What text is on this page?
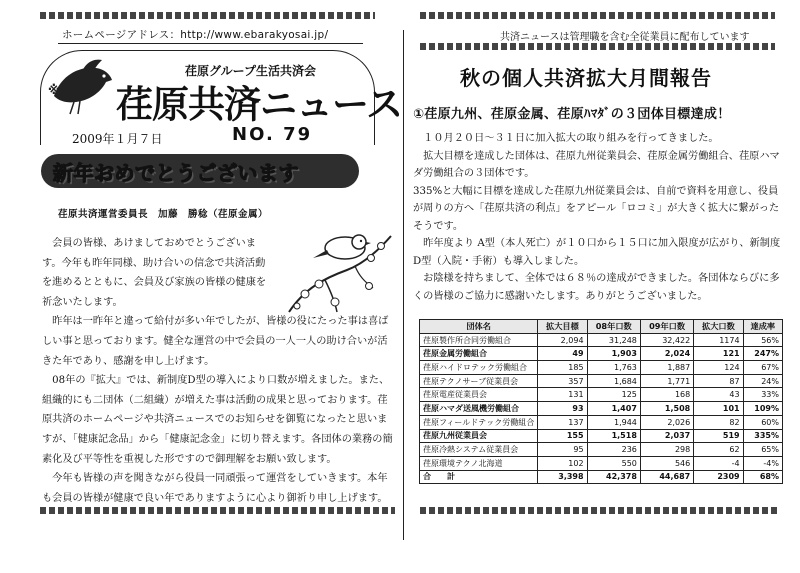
ホームページアドレス：http://www.ebarakyosai.jp/
※
荏原グループ生活共済会
荏原共済ニュース
2009年１月７日	NO. 79
新年おめでとうございます
荏原共済運営委員長　加藤　勝稔（荏原金属）

　会員の皆様、あけましておめでとうございます。今年も昨年同様、助け合いの信念で共済活動を進めるとともに、会員及び家族の皆様の健康を祈念いたします。

　昨年は一昨年と違って給付が多い年でしたが、皆様の役にたった事は喜ばしい事と思っております。健全な運営の中で会員の一人一人の助け合いが活きた年であり、感謝を申し上げます。

　08年の『拡大』では、新制度D型の導入により口数が増えました。また、組織的にも二団体（二組織）が増えた事は活動の成果と思っております。荏原共済のホームページや共済ニュースでのお知らせを御覧になったと思いますが、「健康記念品」から「健康記念金」に切り替えます。各団体の業務の簡素化及び平等性を重視した形ですので御理解をお願い致します。

　今年も皆様の声を聞きながら役員一同頑張って運営をしていきます。本年も会員の皆様が健康で良い年でありますように心より御祈り申し上げます。

共済ニュースは管理職を含む全従業員に配布しています
秋の個人共済拡大月間報告
①荏原九州、荏原金属、荏原ﾊﾏﾀﾞの３団体目標達成！

　１０月２０日～３１日に加入拡大の取り組みを行ってきました。

　拡大目標を達成した団体は、荏原九州従業員会、荏原金属労働組合、荏原ハマダ労働組合の３団体です。

335%と大幅に目標を達成した荏原九州従業員会は、自前で資料を用意し、役員が周りの方へ「荏原共済の利点」をアピール「ロコミ」が大きく拡大に繋がったそうです。

　昨年度より A型（本人死亡）が１０口から１５口に加入限度が広がり、新制度 D型（入院・手術）も導入しました。

　お陰様を持ちまして、全体では６８％の達成ができました。各団体ならびに多くの皆様のご協力に感謝いたします。ありがとうございました。

団体名	拡大目標	08年口数	09年口数	拡大口数	達成率
荏原製作所合同労働組合	2,094	31,248	32,422	1174	56%
荏原金属労働組合	49	1,903	2,024	121	247%
荏原ハイドロテック労働組合	185	1,763	1,887	124	67%
荏原テクノサーブ従業員会	357	1,684	1,771	87	24%
荏原電産従業員会	131	125	168	43	33%
荏原ハマダ送風機労働組合	93	1,407	1,508	101	109%
荏原フィールドテック労働組合	137	1,944	2,026	82	60%
荏原九州従業員会	155	1,518	2,037	519	335%
荏原冷熱システム従業員会	95	236	298	62	65%
荏原環境テクノ北海道	102	550	546	-4	-4%
合　　計	3,398	42,378	44,687	2309	68%
